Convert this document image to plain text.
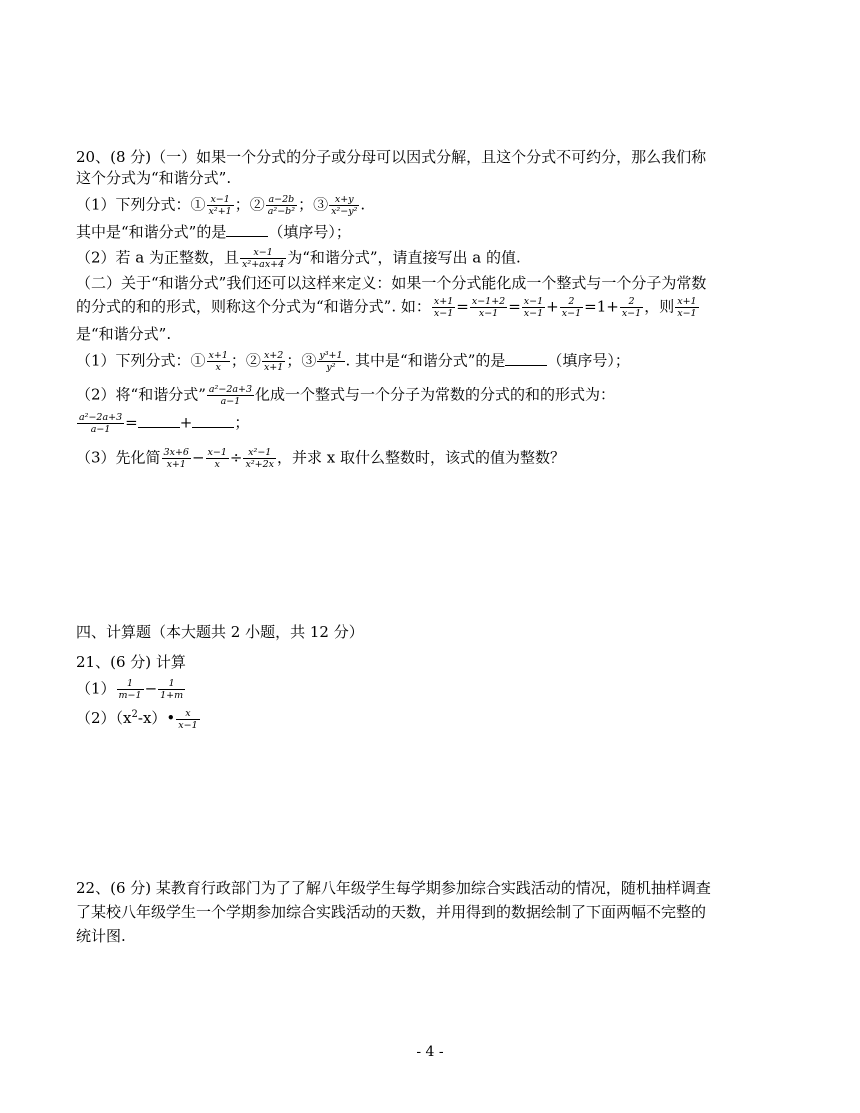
20、(8 分)（一）如果一个分式的分子或分母可以因式分解，且这个分式不可约分，那么我们称
这个分式为“和谐分式”.
（1）下列分式：① $\frac{x-1}{\text{x²+1}}$ ；② $\frac{a-2b}{\text{a²−b²}}$ ；③ $\frac{x+y}{\text{x²−y²}}$ .
其中是“和谐分式”的是	（填序号）；
（2）若 a 为正整数，且 $\frac{x-1}{\text{x²+ax+4}}$ 为“和谐分式”，请直接写出 a 的值.
（二）关于“和谐分式”我们还可以这样来定义：如果一个分式能化成一个整式与一个分子为常数
的分式的和的形式，则称这个分式为“和谐分式”. 如： $\frac{x+1}{x-1} = \frac{x-1+2}{x-1} = \frac{x-1}{x-1} + \frac{2}{x-1} =1+ \frac{2}{x-1}$ ，则 $\frac{x+1}{x-1}$
是“和谐分式”.
（1）下列分式：① $\frac{x+1}{x}$ ；② $\frac{x+2}{x+1}$ ；③ $\frac{\text{y³+1}}{\text{y²}}$ . 其中是“和谐分式”的是	（填序号）；
（2）将“和谐分式” $\frac{\text{a²−2a+3}}{a-1}$ 化成一个整式与一个分子为常数的分式的和的形式为：
$\frac{\text{a²−2a+3}}{a-1}$ =	+	；
（3）先化简 $\frac{3x+6}{x+1} - \frac{x-1}{x} \div \frac{\text{x²−1}}{\text{x²+2x}}$ ，并求 x 取什么整数时，该式的值为整数？
四、计算题（本大题共 2 小题，共 12 分）
21、(6 分) 计算
$(1) \frac{1}{m-1} - \frac{1}{1+m}$
$(2)(x^2-x)• \frac{x}{x-1}$
22、(6 分) 某教育行政部门为了了解八年级学生每学期参加综合实践活动的情况，随机抽样调查
了某校八年级学生一个学期参加综合实践活动的天数，并用得到的数据绘制了下面两幅不完整的
统计图.
- 4 -
